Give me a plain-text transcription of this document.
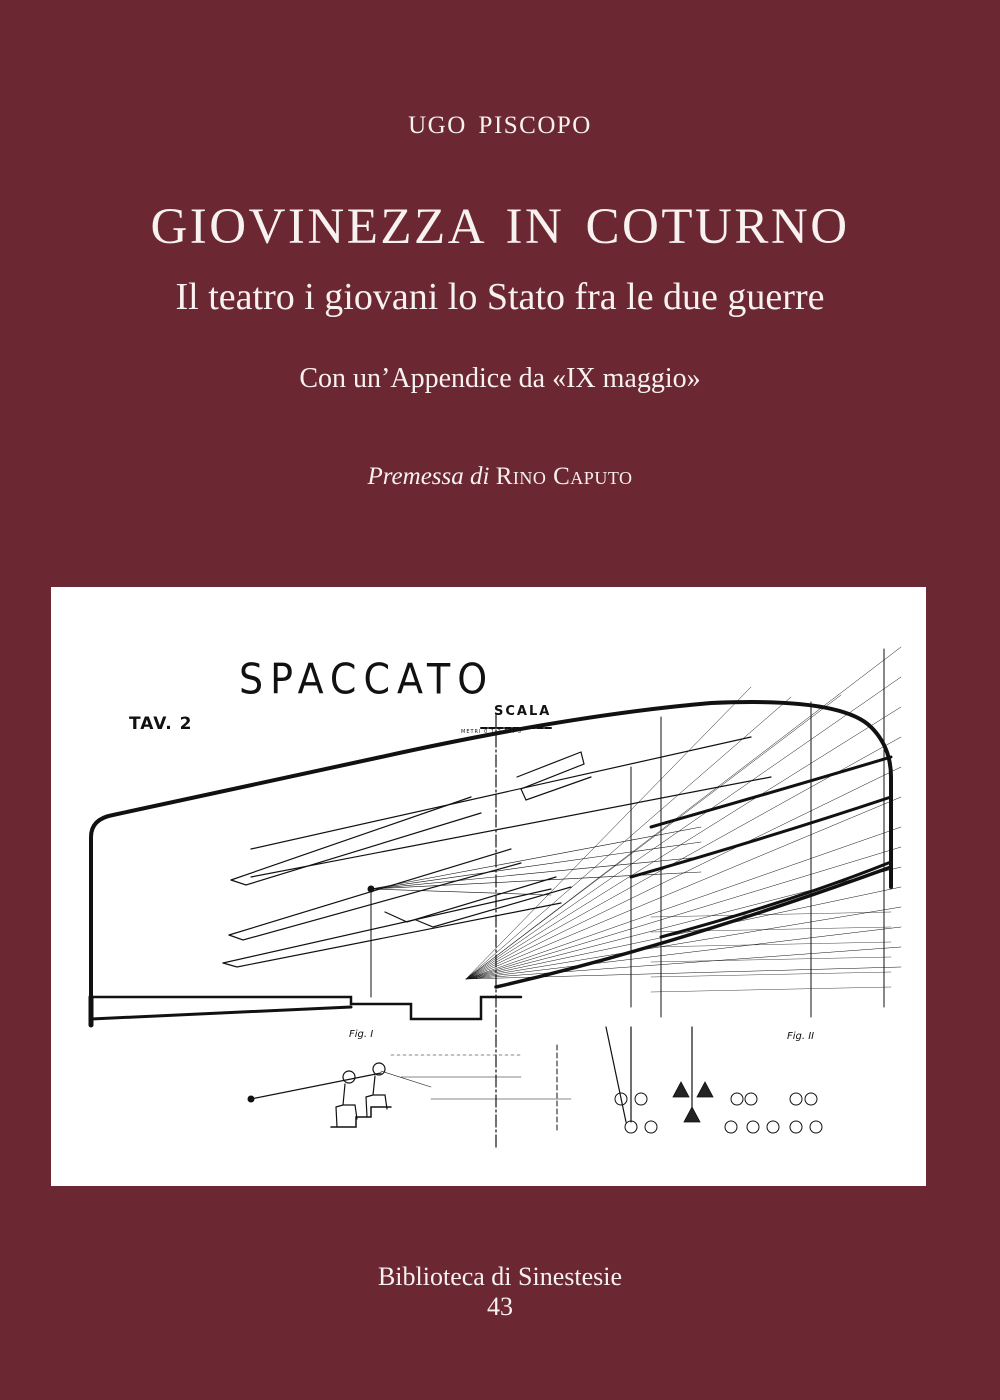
UGO PISCOPO
GIOVINEZZA IN COTURNO
Il teatro i giovani lo Stato fra le due guerre
Con un’Appendice da «IX maggio»
Premessa di Rino Caputo
SPACCATO
TAV. 2
SCALA
METRI 0 1 2 3 4 5
Fig. I	Fig. II
Biblioteca di Sinestesie
43
